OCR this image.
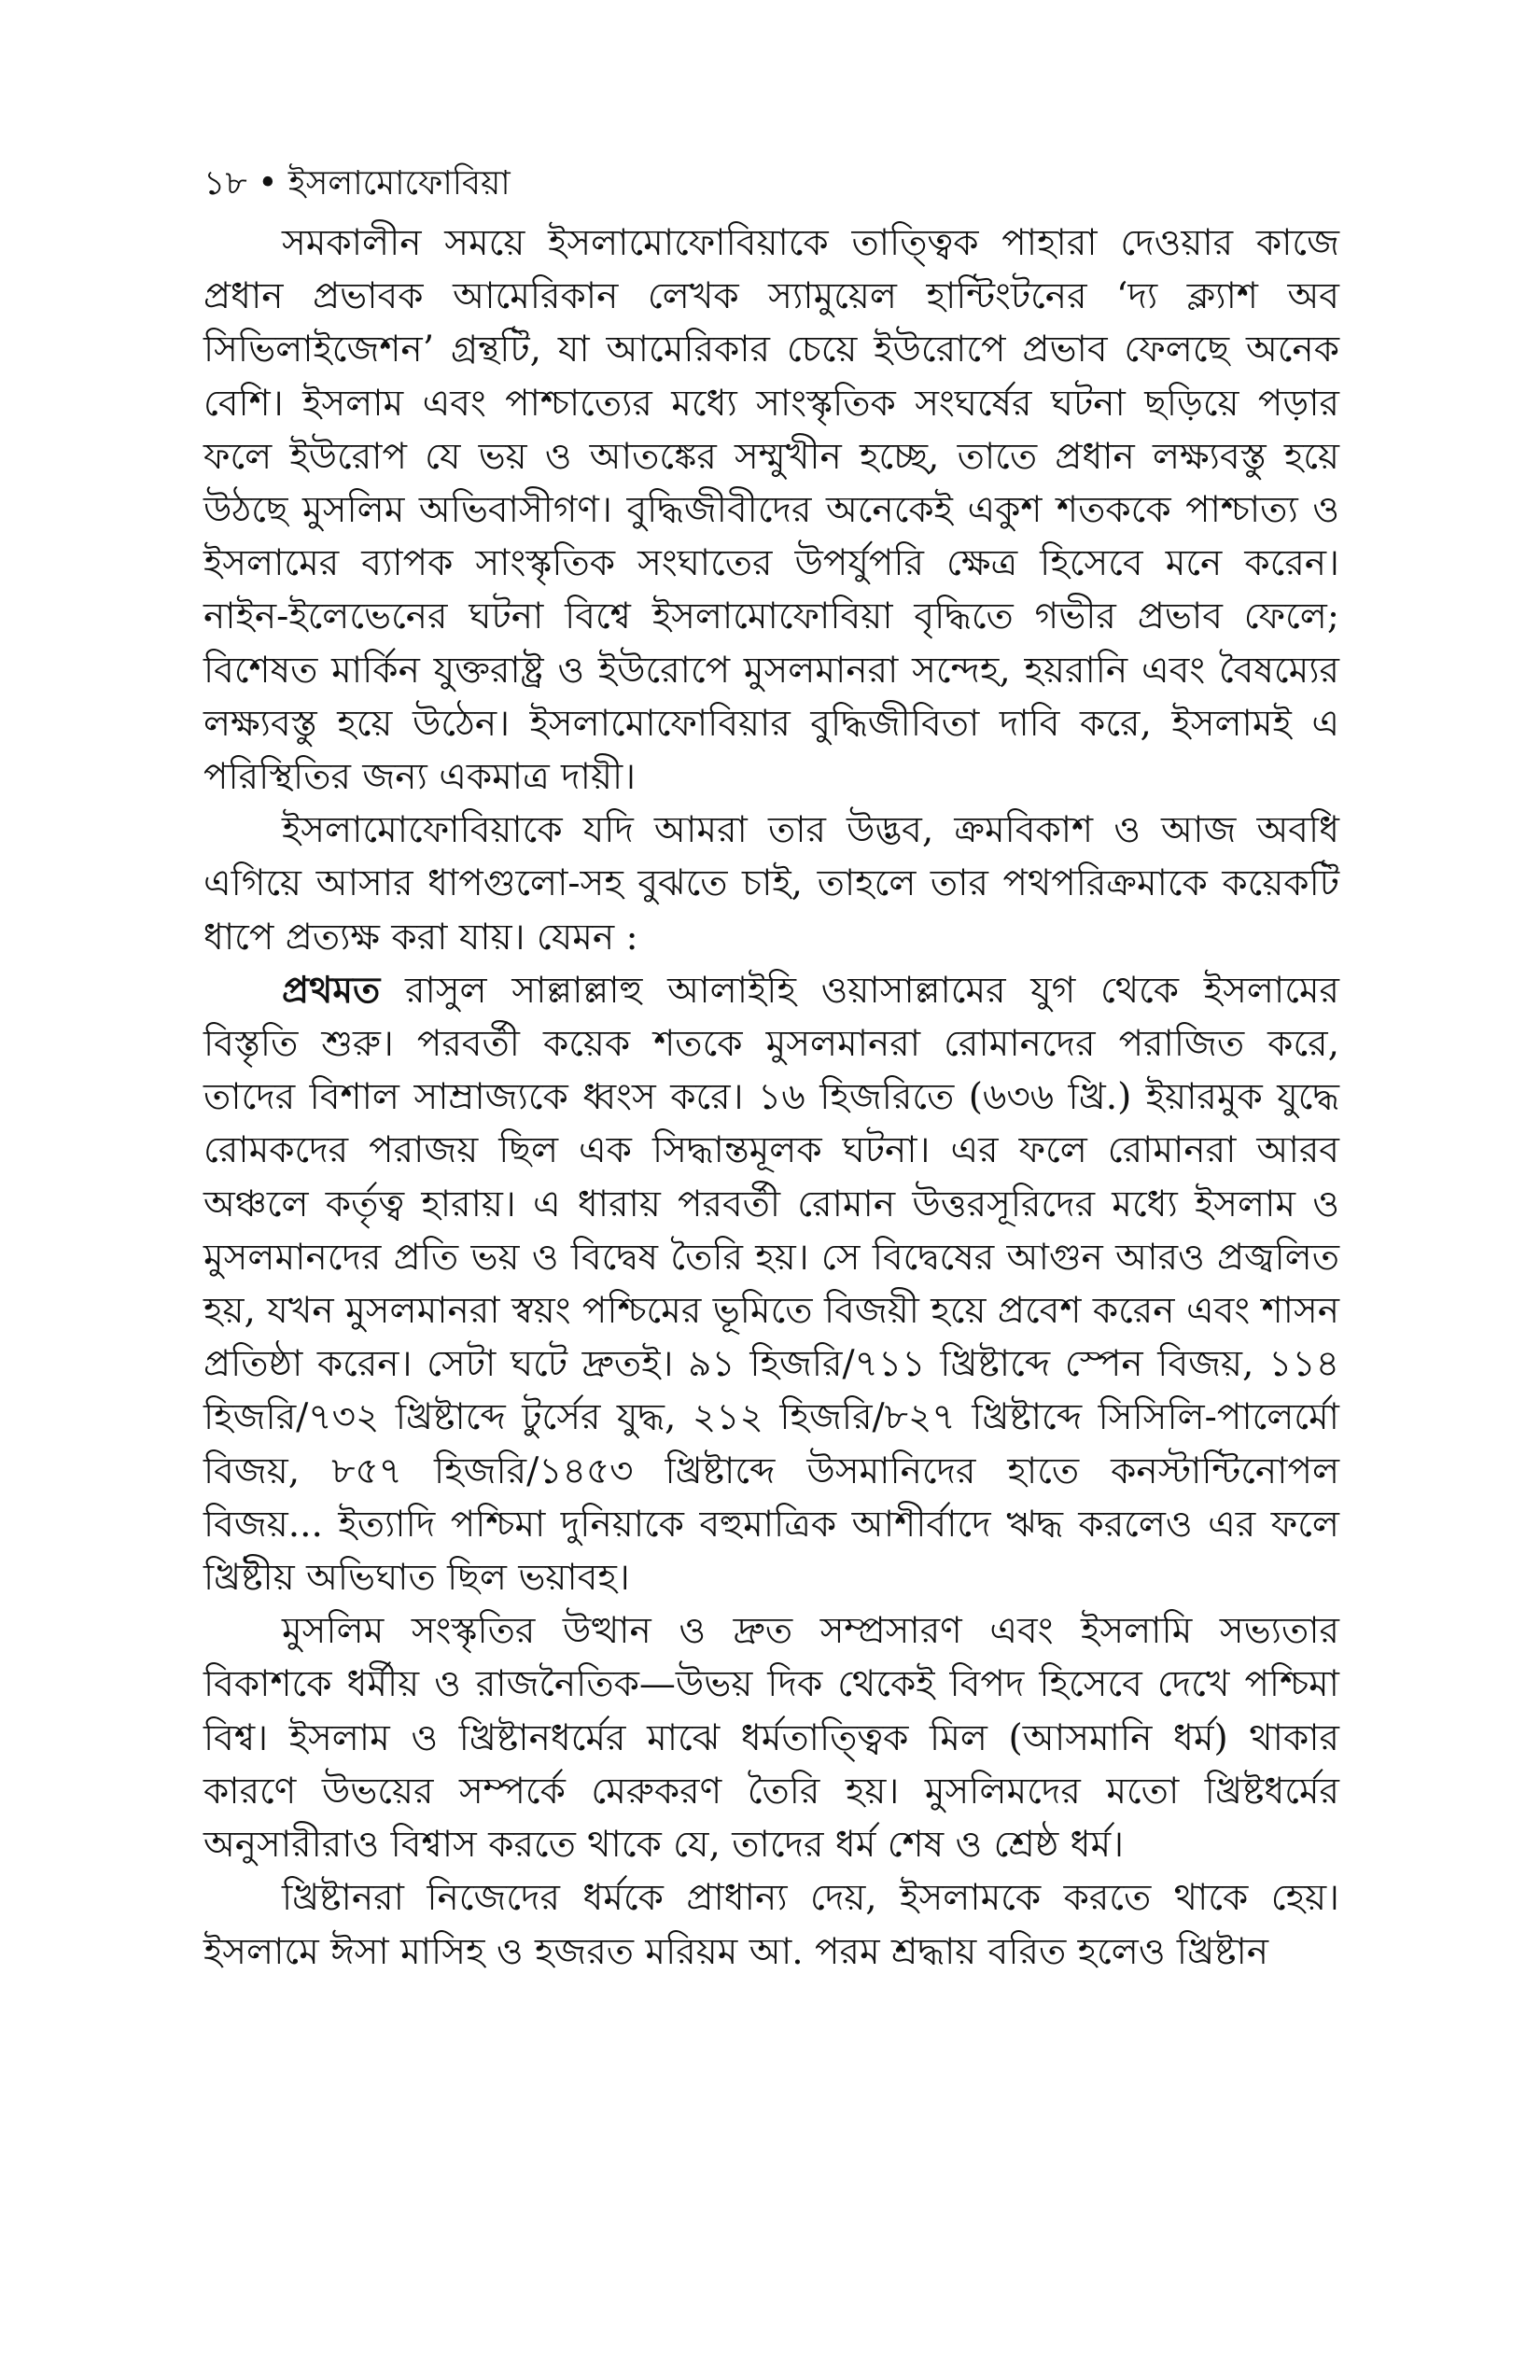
১৮ • ইসলামোফোবিয়া

সমকালীন সময়ে ইসলামোফোবিয়াকে তাত্ত্বিক পাহারা দেওয়ার কাজে প্রধান প্রভাবক আমেরিকান লেখক স্যামুয়েল হান্টিংটনের ‘দ্য ক্ল্যাশ অব সিভিলাইজেশন’ গ্রন্থটি, যা আমেরিকার চেয়ে ইউরোপে প্রভাব ফেলছে অনেক বেশি। ইসলাম এবং পাশ্চাত্যের মধ্যে সাংস্কৃতিক সংঘর্ষের ঘটনা ছড়িয়ে পড়ার ফলে ইউরোপ যে ভয় ও আতঙ্কের সম্মুখীন হচ্ছে, তাতে প্রধান লক্ষ্যবস্তু হয়ে উঠছে মুসলিম অভিবাসীগণ। বুদ্ধিজীবীদের অনেকেই একুশ শতককে পাশ্চাত্য ও ইসলামের ব্যাপক সাংস্কৃতিক সংঘাতের উপর্যুপরি ক্ষেত্র হিসেবে মনে করেন। নাইন-ইলেভেনের ঘটনা বিশ্বে ইসলামোফোবিয়া বৃদ্ধিতে গভীর প্রভাব ফেলে; বিশেষত মার্কিন যুক্তরাষ্ট্র ও ইউরোপে মুসলমানরা সন্দেহ, হয়রানি এবং বৈষম্যের লক্ষ্যবস্তু হয়ে উঠেন। ইসলামোফোবিয়ার বুদ্ধিজীবিতা দাবি করে, ইসলামই এ পরিস্থিতির জন্য একমাত্র দায়ী।

ইসলামোফোবিয়াকে যদি আমরা তার উদ্ভব, ক্রমবিকাশ ও আজ অবধি এগিয়ে আসার ধাপগুলো-সহ বুঝতে চাই, তাহলে তার পথপরিক্রমাকে কয়েকটি ধাপে প্রত্যক্ষ করা যায়। যেমন :

প্রথমত রাসুল সাল্লাল্লাহু আলাইহি ওয়াসাল্লামের যুগ থেকে ইসলামের বিস্তৃতি শুরু। পরবর্তী কয়েক শতকে মুসলমানরা রোমানদের পরাজিত করে, তাদের বিশাল সাম্রাজ্যকে ধ্বংস করে। ১৬ হিজরিতে (৬৩৬ খ্রি.) ইয়ারমুক যুদ্ধে রোমকদের পরাজয় ছিল এক সিদ্ধান্তমূলক ঘটনা। এর ফলে রোমানরা আরব অঞ্চলে কর্তৃত্ব হারায়। এ ধারায় পরবর্তী রোমান উত্তরসূরিদের মধ্যে ইসলাম ও মুসলমানদের প্রতি ভয় ও বিদ্বেষ তৈরি হয়। সে বিদ্বেষের আগুন আরও প্রজ্বলিত হয়, যখন মুসলমানরা স্বয়ং পশ্চিমের ভূমিতে বিজয়ী হয়ে প্রবেশ করেন এবং শাসন প্রতিষ্ঠা করেন। সেটা ঘটে দ্রুতই। ৯১ হিজরি/৭১১ খ্রিষ্টাব্দে স্পেন বিজয়, ১১৪ হিজরি/৭৩২ খ্রিষ্টাব্দে টুর্সের যুদ্ধ, ২১২ হিজরি/৮২৭ খ্রিষ্টাব্দে সিসিলি-পালের্মো বিজয়, ৮৫৭ হিজরি/১৪৫৩ খ্রিষ্টাব্দে উসমানিদের হাতে কনস্টান্টিনোপল বিজয়... ইত্যাদি পশ্চিমা দুনিয়াকে বহুমাত্রিক আশীর্বাদে ঋদ্ধ করলেও এর ফলে খ্রিষ্টীয় অভিঘাত ছিল ভয়াবহ।

মুসলিম সংস্কৃতির উত্থান ও দ্রুত সম্প্রসারণ এবং ইসলামি সভ্যতার বিকাশকে ধর্মীয় ও রাজনৈতিক—উভয় দিক থেকেই বিপদ হিসেবে দেখে পশ্চিমা বিশ্ব। ইসলাম ও খ্রিষ্টানধর্মের মাঝে ধর্মতাত্ত্বিক মিল (আসমানি ধর্ম) থাকার কারণে উভয়ের সম্পর্কে মেরুকরণ তৈরি হয়। মুসলিমদের মতো খ্রিষ্টধর্মের অনুসারীরাও বিশ্বাস করতে থাকে যে, তাদের ধর্ম শেষ ও শ্রেষ্ঠ ধর্ম।

খ্রিষ্টানরা নিজেদের ধর্মকে প্রাধান্য দেয়, ইসলামকে করতে থাকে হেয়। ইসলামে ঈসা মাসিহ ও হজরত মরিয়ম আ. পরম শ্রদ্ধায় বরিত হলেও খ্রিষ্টান
